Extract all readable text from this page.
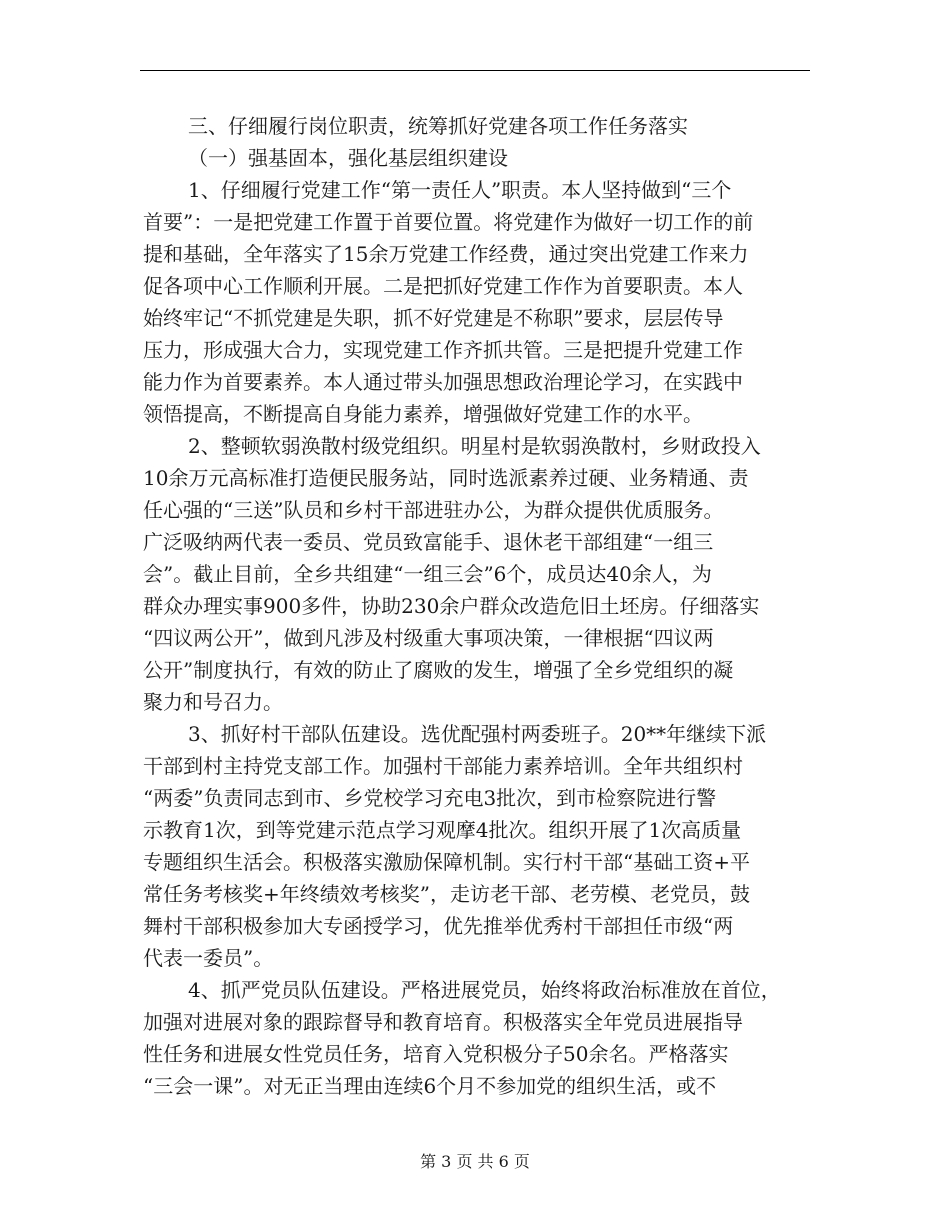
三、仔细履行岗位职责，统筹抓好党建各项工作任务落实
（一）强基固本，强化基层组织建设
1、仔细履行党建工作“第一责任人”职责。本人坚持做到“三个
首要”：一是把党建工作置于首要位置。将党建作为做好一切工作的前
提和基础，全年落实了15余万党建工作经费，通过突出党建工作来力
促各项中心工作顺利开展。二是把抓好党建工作作为首要职责。本人
始终牢记“不抓党建是失职，抓不好党建是不称职”要求，层层传导
压力，形成强大合力，实现党建工作齐抓共管。三是把提升党建工作
能力作为首要素养。本人通过带头加强思想政治理论学习，在实践中
领悟提高，不断提高自身能力素养，增强做好党建工作的水平。
2、整顿软弱涣散村级党组织。明星村是软弱涣散村，乡财政投入
10余万元高标准打造便民服务站，同时选派素养过硬、业务精通、责
任心强的“三送”队员和乡村干部进驻办公，为群众提供优质服务。
广泛吸纳两代表一委员、党员致富能手、退休老干部组建“一组三
会”。截止目前，全乡共组建“一组三会”6个，成员达40余人，为
群众办理实事900多件，协助230余户群众改造危旧土坯房。仔细落实
“四议两公开”，做到凡涉及村级重大事项决策，一律根据“四议两
公开”制度执行，有效的防止了腐败的发生，增强了全乡党组织的凝
聚力和号召力。
3、抓好村干部队伍建设。选优配强村两委班子。20**年继续下派
干部到村主持党支部工作。加强村干部能力素养培训。全年共组织村
“两委”负责同志到市、乡党校学习充电3批次，到市检察院进行警
示教育1次，到等党建示范点学习观摩4批次。组织开展了1次高质量
专题组织生活会。积极落实激励保障机制。实行村干部“基础工资+平
常任务考核奖+年终绩效考核奖”，走访老干部、老劳模、老党员，鼓
舞村干部积极参加大专函授学习，优先推举优秀村干部担任市级“两
代表一委员”。
4、抓严党员队伍建设。严格进展党员，始终将政治标准放在首位，
加强对进展对象的跟踪督导和教育培育。积极落实全年党员进展指导
性任务和进展女性党员任务，培育入党积极分子50余名。严格落实
“三会一课”。对无正当理由连续6个月不参加党的组织生活，或不
第 3 页 共 6 页
